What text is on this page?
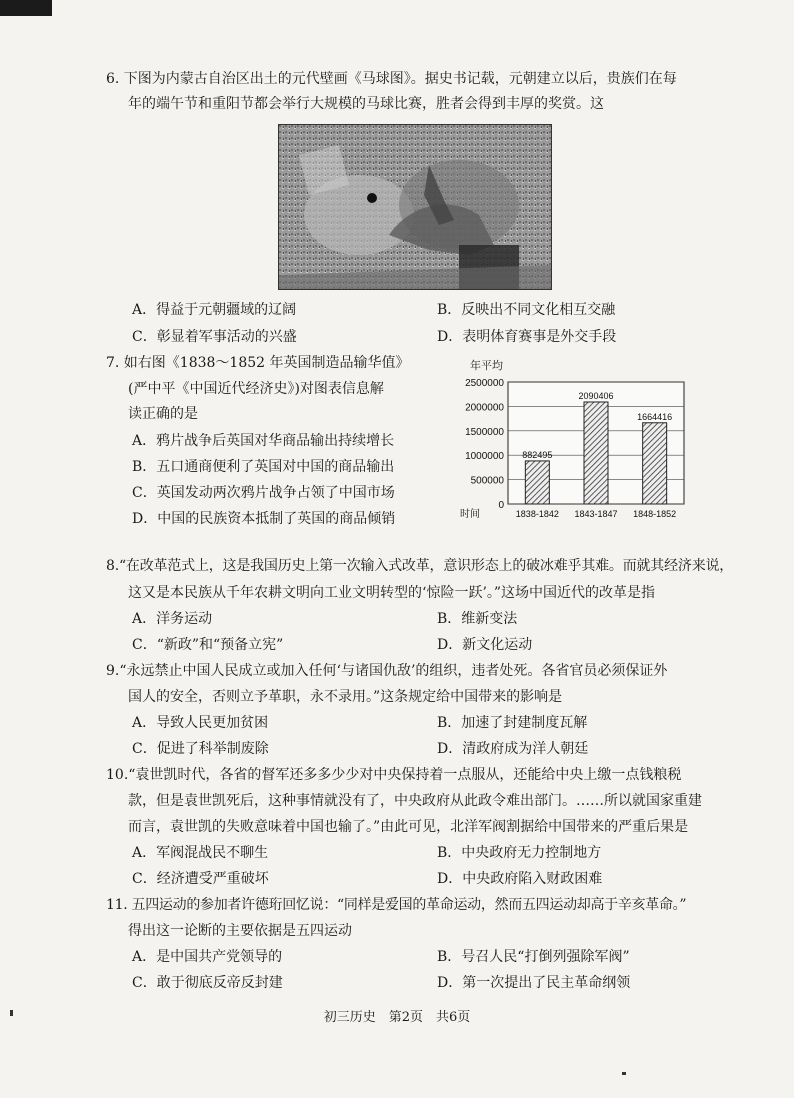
6. 下图为内蒙古自治区出土的元代壁画《马球图》。据史书记载，元朝建立以后，贵族们在每
年的端午节和重阳节都会举行大规模的马球比赛，胜者会得到丰厚的奖赏。这
A．得益于元朝疆域的辽阔	B．反映出不同文化相互交融
C．彰显着军事活动的兴盛	D．表明体育赛事是外交手段
7. 如右图《1838～1852 年英国制造品输华值》
(严中平《中国近代经济史》)对图表信息解
读正确的是
A．鸦片战争后英国对华商品输出持续增长
B．五口通商便利了英国对中国的商品输出
C．英国发动两次鸦片战争占领了中国市场
D．中国的民族资本抵制了英国的商品倾销
年平均
0
500000
1000000
1500000
2000000
2500000
882495
1838-1842
2090406
1843-1847
1664416
1848-1852
时间
8.“在改革范式上，这是我国历史上第一次输入式改革，意识形态上的破冰难乎其难。而就其经济来说，
这又是本民族从千年农耕文明向工业文明转型的‘惊险一跃’。”这场中国近代的改革是指
A．洋务运动	B．维新变法
C．“新政”和“预备立宪”	D．新文化运动
9.“永远禁止中国人民成立或加入任何‘与诸国仇敌’的组织，违者处死。各省官员必须保证外
国人的安全，否则立予革职，永不录用。”这条规定给中国带来的影响是
A．导致人民更加贫困	B．加速了封建制度瓦解
C．促进了科举制废除	D．清政府成为洋人朝廷
10.“袁世凯时代，各省的督军还多多少少对中央保持着一点服从，还能给中央上缴一点钱粮税
款，但是袁世凯死后，这种事情就没有了，中央政府从此政令难出部门。……所以就国家重建
而言，袁世凯的失败意味着中国也输了。”由此可见，北洋军阀割据给中国带来的严重后果是
A．军阀混战民不聊生	B．中央政府无力控制地方
C．经济遭受严重破坏	D．中央政府陷入财政困难
11. 五四运动的参加者许德珩回忆说：“同样是爱国的革命运动，然而五四运动却高于辛亥革命。”
得出这一论断的主要依据是五四运动
A．是中国共产党领导的	B．号召人民“打倒列强除军阀”
C．敢于彻底反帝反封建	D．第一次提出了民主革命纲领
初三历史　第2页　共6页
